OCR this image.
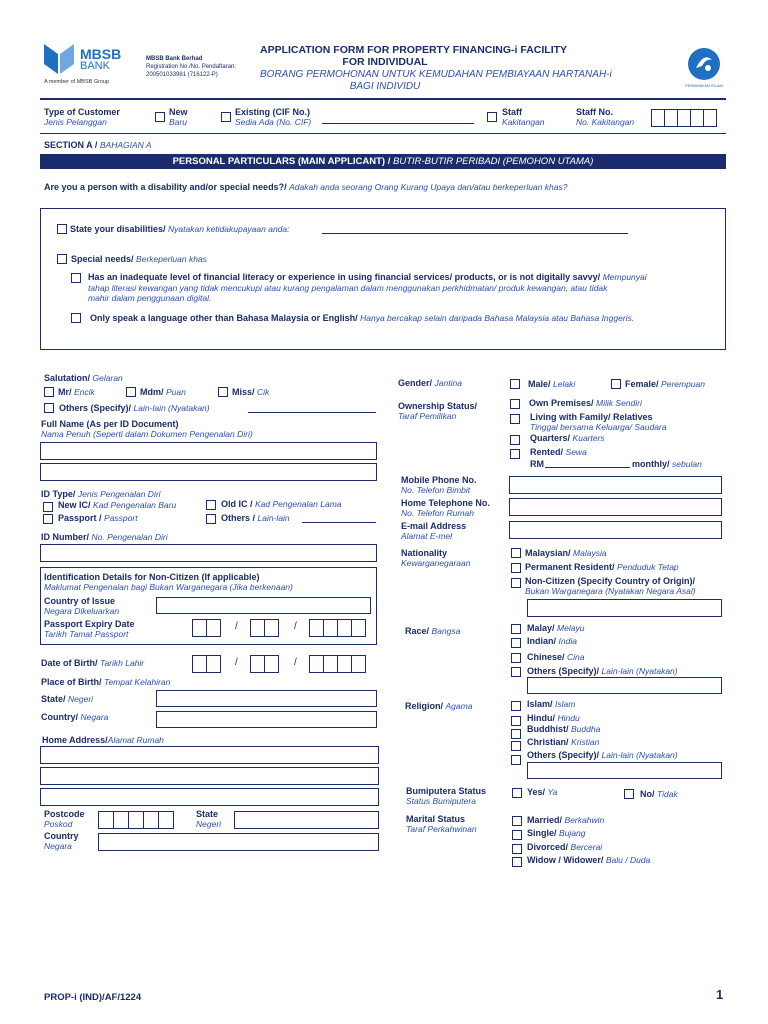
MBSB
BANK
A member of MBSB Group
MBSB Bank Berhad
Registration No./No. Pendaftaran:
200501033981 (716122-P)
APPLICATION FORM FOR PROPERTY FINANCING-i FACILITY
FOR INDIVIDUAL
BORANG PERMOHONAN UNTUK KEMUDAHAN PEMBIAYAAN HARTANAH-i
BAGI INDIVIDU	PERBANKAN ISLAM
Type of Customer
Jenis Pelanggan
New
Baru
Existing (CIF No.)
Sedia Ada (No. CIF)
Staff
Kakitangan
Staff No.
No. Kakitangan
SECTION A / BAHAGIAN A
PERSONAL PARTICULARS (MAIN APPLICANT) / BUTIR-BUTIR PERIBADI (PEMOHON UTAMA)
Are you a person with a disability and/or special needs?/ Adakah anda seorang Orang Kurang Upaya dan/atau berkeperluan khas?
State your disabilities/ Nyatakan ketidakupayaan anda:
Special needs/ Berkeperluan khas
Has an inadequate level of financial literacy or experience in using financial services/ products, or is not digitally savvy/ Mempunyai
tahap literasi kewangan yang tidak mencukupi atau kurang pengalaman dalam menggunakan perkhidmatan/ produk kewangan, atau tidak
mahir dalam penggunaan digital.
Only speak a language other than Bahasa Malaysia or English/ Hanya bercakap selain daripada Bahasa Malaysia atau Bahasa Inggeris.
Salutation/ Gelaran
Mr/ Encik	Mdm/ Puan	Miss/ Cik
Others (Specify)/ Lain-lain (Nyatakan)
Full Name (As per ID Document)
Nama Penuh (Seperti dalam Dokumen Pengenalan Diri)
ID Type/ Jenis Pengenalan Diri
New IC/ Kad Pengenalan Baru	Old IC / Kad Pengenalan Lama
Passport / Passport	Others / Lain-lain
ID Number/ No. Pengenalan Diri
Identification Details for Non-Citizen (If applicable)
Maklumat Pengenalan bagi Bukan Warganegara (Jika berkenaan)
Country of Issue
Negara Dikeluarkan
Passport Expiry Date
Tarikh Tamat Passport
/	/
Date of Birth/ Tarikh Lahir	/	/
Place of Birth/ Tempat Kelahiran
State/ Negeri
Country/ Negara
Home Address/Alamat Rumah
Postcode
Poskod
State
Negeri
Country
Negara
Gender/ Jantina	Male/ Lelaki	Female/ Perempuan
Ownership Status/
Taraf Pemilikan
Own Premises/ Milik Sendiri
Living with Family/ Relatives
Tinggal bersama Keluarga/ Saudara
Quarters/ Kuarters
Rented/ Sewa
RM	monthly/ sebulan
Mobile Phone No.
No. Telefon Bimbit
Home Telephone No.
No. Telefon Rumah
E-mail Address
Alamat E-mel
Nationality
Kewarganegaraan
Malaysian/ Malaysia
Permanent Resident/ Penduduk Tetap
Non-Citizen (Specify Country of Origin)/
Bukan Warganegara (Nyatakan Negara Asal)
Race/ Bangsa	Malay/ Melayu
Indian/ India
Chinese/ Cina
Others (Specify)/ Lain-lain (Nyatakan)
Religion/ Agama	Islam/ Islam
Hindu/ Hindu
Buddhist/ Buddha
Christian/ Kristian
Others (Specify)/ Lain-lain (Nyatakan)
Bumiputera Status
Status Bumiputera
Yes/ Ya	No/ Tidak
Marital Status
Taraf Perkahwinan
Married/ Berkahwin
Single/ Bujang
Divorced/ Bercerai
Widow / Widower/ Balu / Duda
PROP-i (IND)/AF/1224	1
